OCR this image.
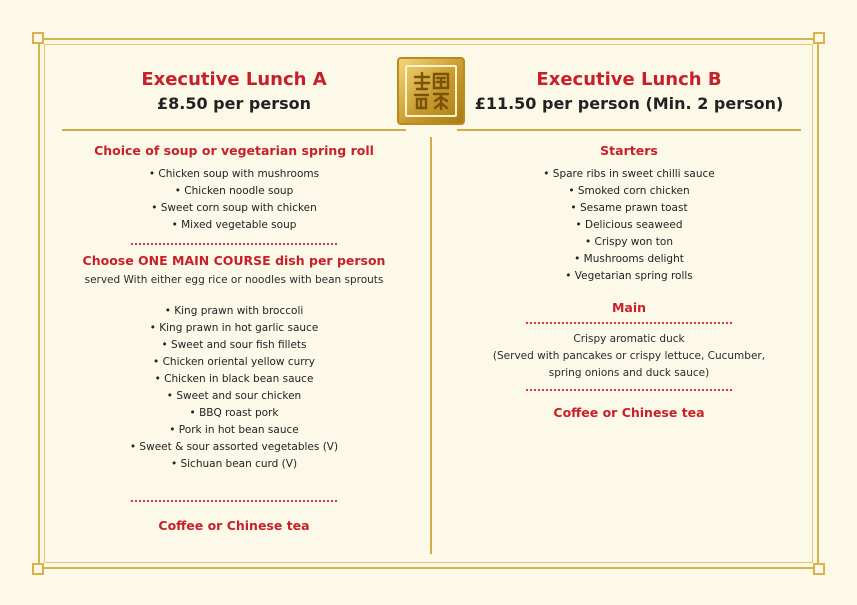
Executive Lunch A
£8.50 per person
Choice of soup or vegetarian spring roll
• Chicken soup with mushrooms
• Chicken noodle soup
• Sweet corn soup with chicken
• Mixed vegetable soup
Choose ONE MAIN COURSE dish per person
served With either egg rice or noodles with bean sprouts
• King prawn with broccoli
• King prawn in hot garlic sauce
• Sweet and sour fish fillets
• Chicken oriental yellow curry
• Chicken in black bean sauce
• Sweet and sour chicken
• BBQ roast pork
• Pork in hot bean sauce
• Sweet & sour assorted vegetables (V)
• Sichuan bean curd (V)
Coffee or Chinese tea
Executive Lunch B
£11.50 per person (Min. 2 person)
Starters
• Spare ribs in sweet chilli sauce
• Smoked corn chicken
• Sesame prawn toast
• Delicious seaweed
• Crispy won ton
• Mushrooms delight
• Vegetarian spring rolls
Main
Crispy aromatic duck
(Served with pancakes or crispy lettuce, Cucumber, spring onions and duck sauce)
Coffee or Chinese tea
